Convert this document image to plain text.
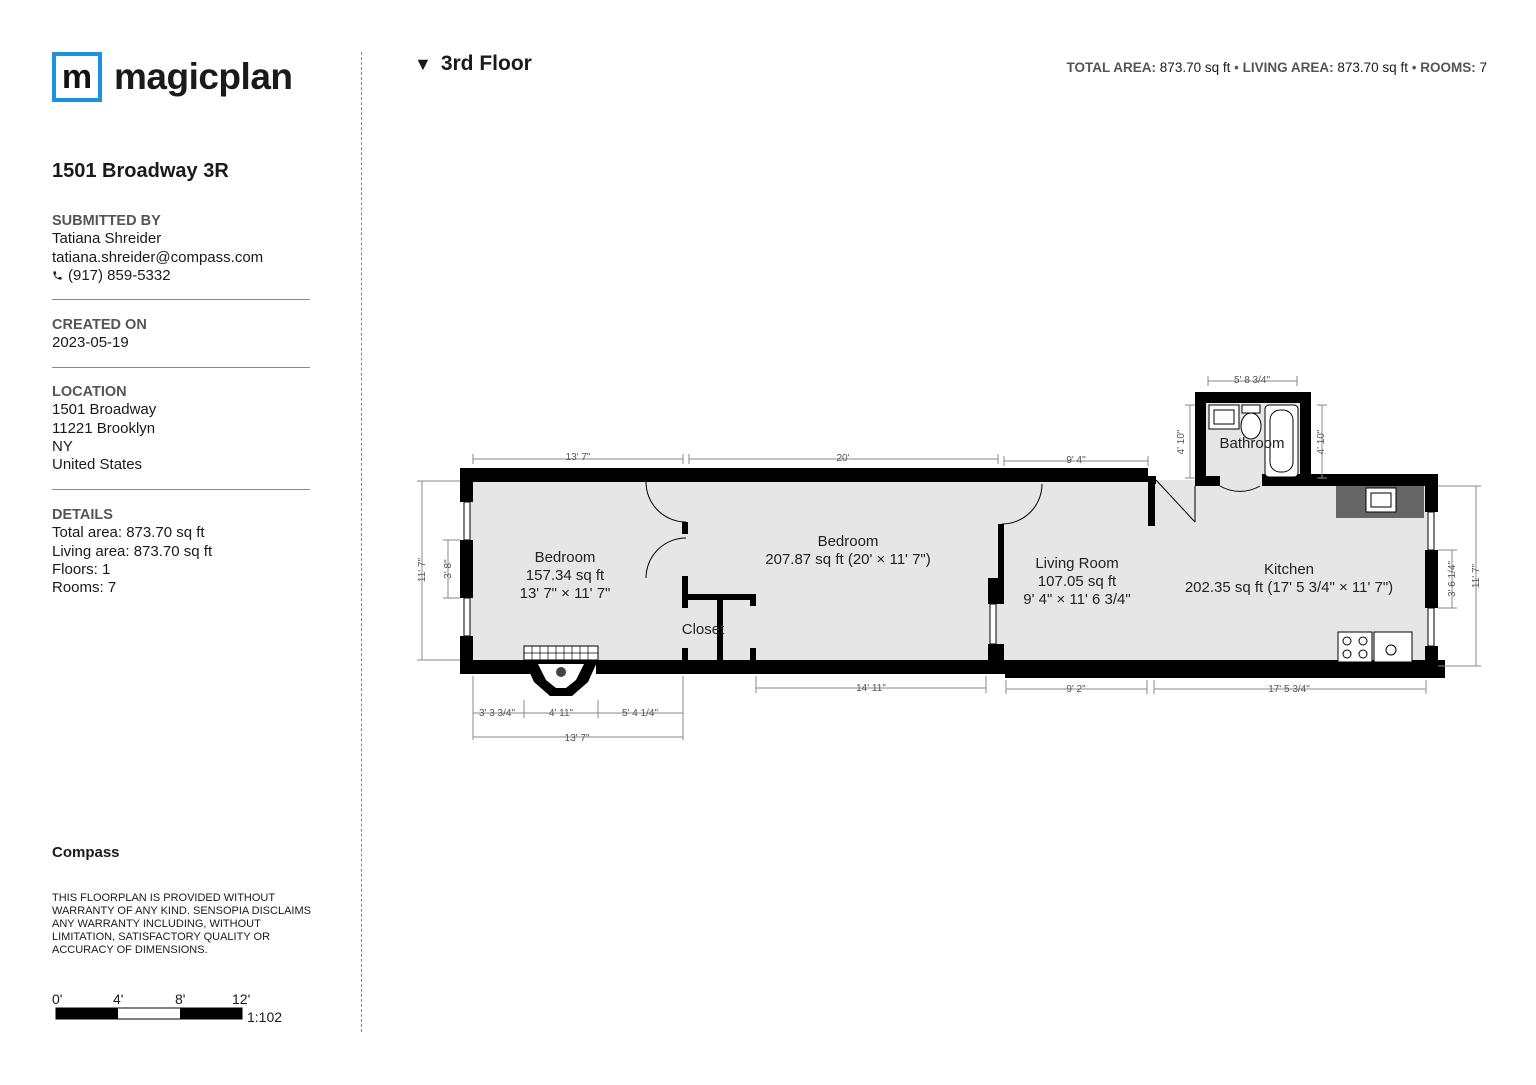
m magicplan
1501 Broadway 3R
SUBMITTED BY
Tatiana Shreider
tatiana.shreider@compass.com
(917) 859-5332
CREATED ON
2023-05-19
LOCATION
1501 Broadway
11221 Brooklyn
NY
United States
DETAILS
Total area: 873.70 sq ft
Living area: 873.70 sq ft
Floors: 1
Rooms: 7
Compass
THIS FLOORPLAN IS PROVIDED WITHOUT WARRANTY OF ANY KIND. SENSOPIA DISCLAIMS ANY WARRANTY INCLUDING, WITHOUT LIMITATION, SATISFACTORY QUALITY OR ACCURACY OF DIMENSIONS.
0'	4'	8'	12'
1:102
▼ 3rd Floor	TOTAL AREA: 873.70 sq ft • LIVING AREA: 873.70 sq ft • ROOMS: 7
Bedroom
157.34 sq ft
13' 7" × 11' 7"
Bedroom
207.87 sq ft (20' × 11' 7")
Closet
Living Room
107.05 sq ft
9' 4" × 11' 6 3/4"
Kitchen
202.35 sq ft (17' 5 3/4" × 11' 7")
Bathroom
13' 7"	20'	9' 4"
5' 8 3/4"
4' 10"	4' 10"
11' 7" 3' 8"	11' 7"
3' 6 1/4"
14' 11"	9' 2"	17' 5 3/4"
3' 3 3/4"	4' 11"	5' 4 1/4"
13' 7"
